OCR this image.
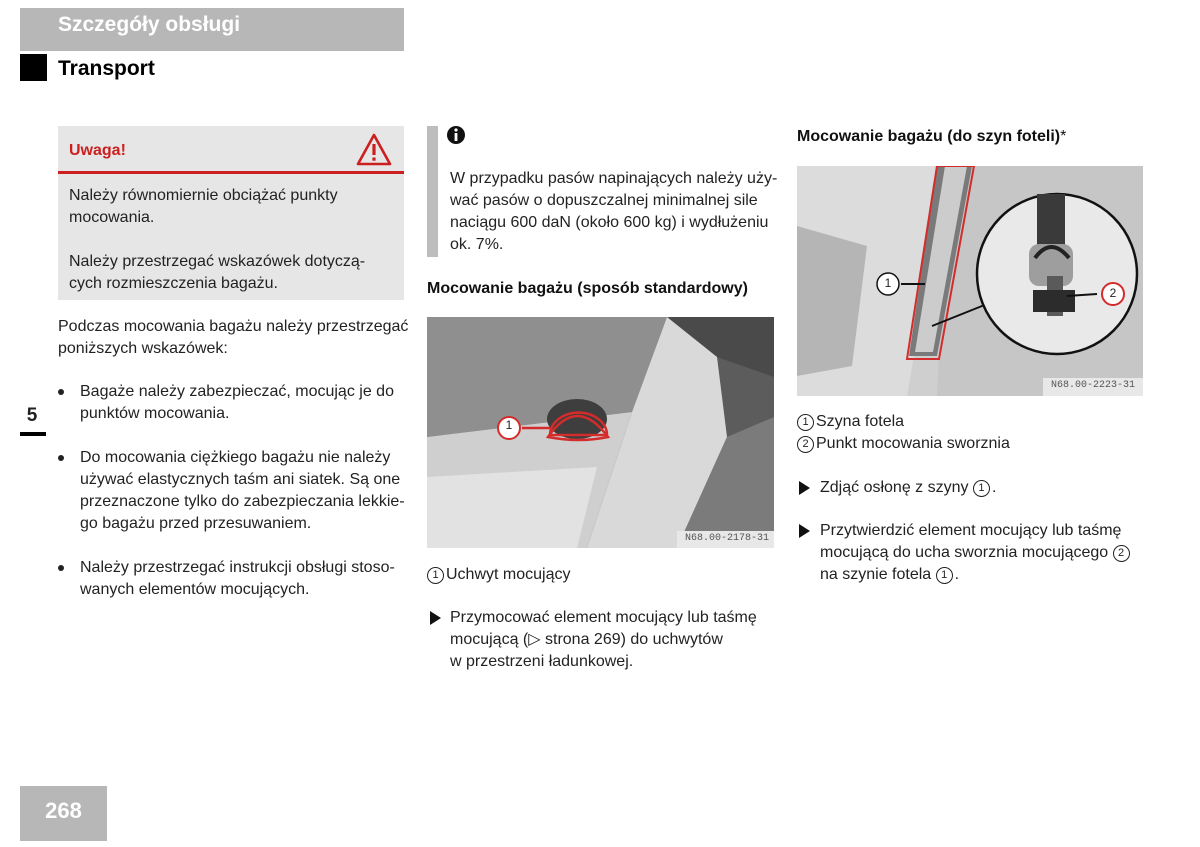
Szczegóły obsługi
Transport
5
Uwaga!
Należy równomiernie obciążać punkty
mocowania.
Należy przestrzegać wskazówek dotyczą-
cych rozmieszczenia bagażu.
Podczas mocowania bagażu należy przestrzegać
poniższych wskazówek:
Bagaże należy zabezpieczać, mocując je do
punktów mocowania.
Do mocowania ciężkiego bagażu nie należy
używać elastycznych taśm ani siatek. Są one
przeznaczone tylko do zabezpieczania lekkie-
go bagażu przed przesuwaniem.
Należy przestrzegać instrukcji obsługi stoso-
wanych elementów mocujących.
W przypadku pasów napinających należy uży-
wać pasów o dopuszczalnej minimalnej sile
naciągu 600 daN (około 600 kg) i wydłużeniu
ok. 7%.
Mocowanie bagażu (sposób standardowy)
1
N68.00-2178-31
1 Uchwyt mocujący
Przymocować element mocujący lub taśmę
mocującą (▷ strona 269) do uchwytów
w przestrzeni ładunkowej.
Mocowanie bagażu (do szyn foteli)*
1
2
N68.00-2223-31
1 Szyna fotela
2 Punkt mocowania sworznia
Zdjąć osłonę z szyny 1 .
Przytwierdzić element mocujący lub taśmę
mocującą do ucha sworznia mocującego 2
na szynie fotela 1 .
268
